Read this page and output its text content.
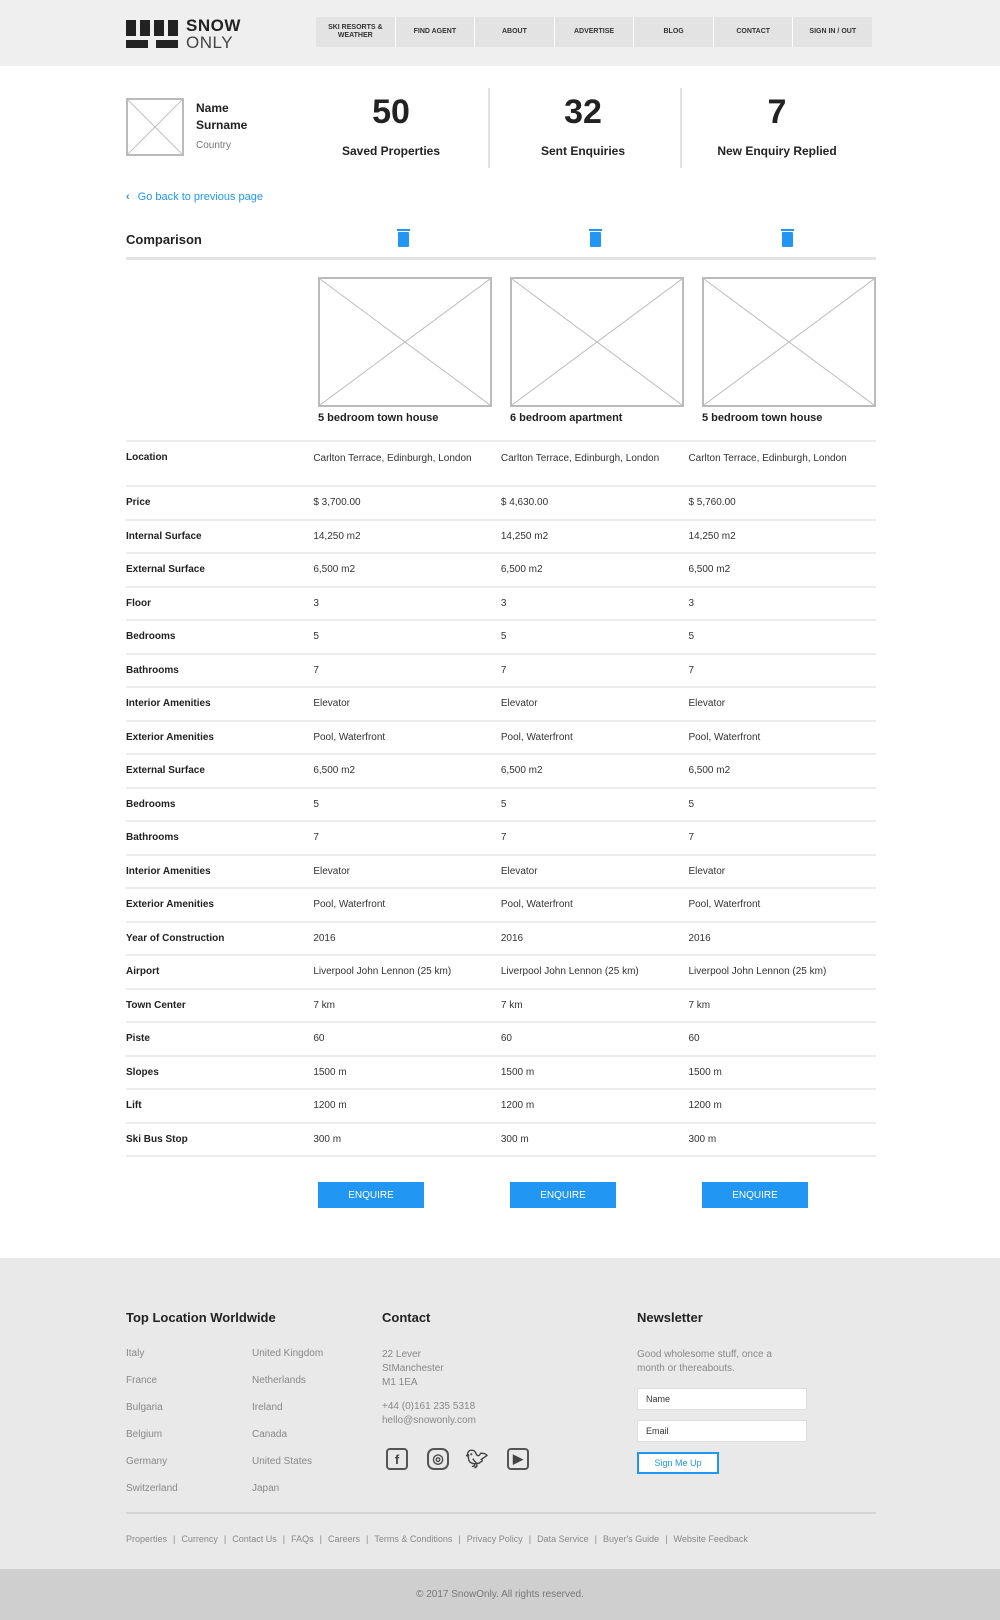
SNOW
ONLY
SKI RESORTS & WEATHER
FIND AGENT	ABOUT	ADVERTISE	BLOG	CONTACT	SIGN IN / OUT
Name Surname
Country
50
Saved Properties
32
Sent Enquiries
7
New Enquiry Replied
‹ Go back to previous page
Comparison
5 bedroom town house	6 bedroom apartment	5 bedroom town house
Location	Carlton Terrace, Edinburgh, London	Carlton Terrace, Edinburgh, London	Carlton Terrace, Edinburgh, London
Price	$ 3,700.00	$ 4,630.00	$ 5,760.00
Internal Surface	14,250 m2	14,250 m2	14,250 m2
External Surface	6,500 m2	6,500 m2	6,500 m2
Floor	3	3	3
Bedrooms	5	5	5
Bathrooms	7	7	7
Interior Amenities	Elevator	Elevator	Elevator
Exterior Amenities	Pool, Waterfront	Pool, Waterfront	Pool, Waterfront
External Surface	6,500 m2	6,500 m2	6,500 m2
Bedrooms	5	5	5
Bathrooms	7	7	7
Interior Amenities	Elevator	Elevator	Elevator
Exterior Amenities	Pool, Waterfront	Pool, Waterfront	Pool, Waterfront
Year of Construction	2016	2016	2016
Airport	Liverpool John Lennon (25 km)	Liverpool John Lennon (25 km)	Liverpool John Lennon (25 km)
Town Center	7 km	7 km	7 km
Piste	60	60	60
Slopes	1500 m	1500 m	1500 m
Lift	1200 m	1200 m	1200 m
Ski Bus Stop	300 m	300 m	300 m
ENQUIRE	ENQUIRE	ENQUIRE
Top Location Worldwide
Italy
France
Bulgaria
Belgium
Germany
Switzerland
United Kingdom
Netherlands
Ireland
Canada
United States
Japan
Contact
22 Lever
StManchester
M1 1EA
+44 (0)161 235 5318
hello@snowonly.com
f	◎ 🐦︎	▶
Newsletter
Good wholesome stuff, once a month or thereabouts.
Name
Email
Sign Me Up
Properties | Currency | Contact Us | FAQs | Careers | Terms & Conditions | Privacy Policy | Data Service | Buyer's Guide | Website Feedback
© 2017 SnowOnly. All rights reserved.
